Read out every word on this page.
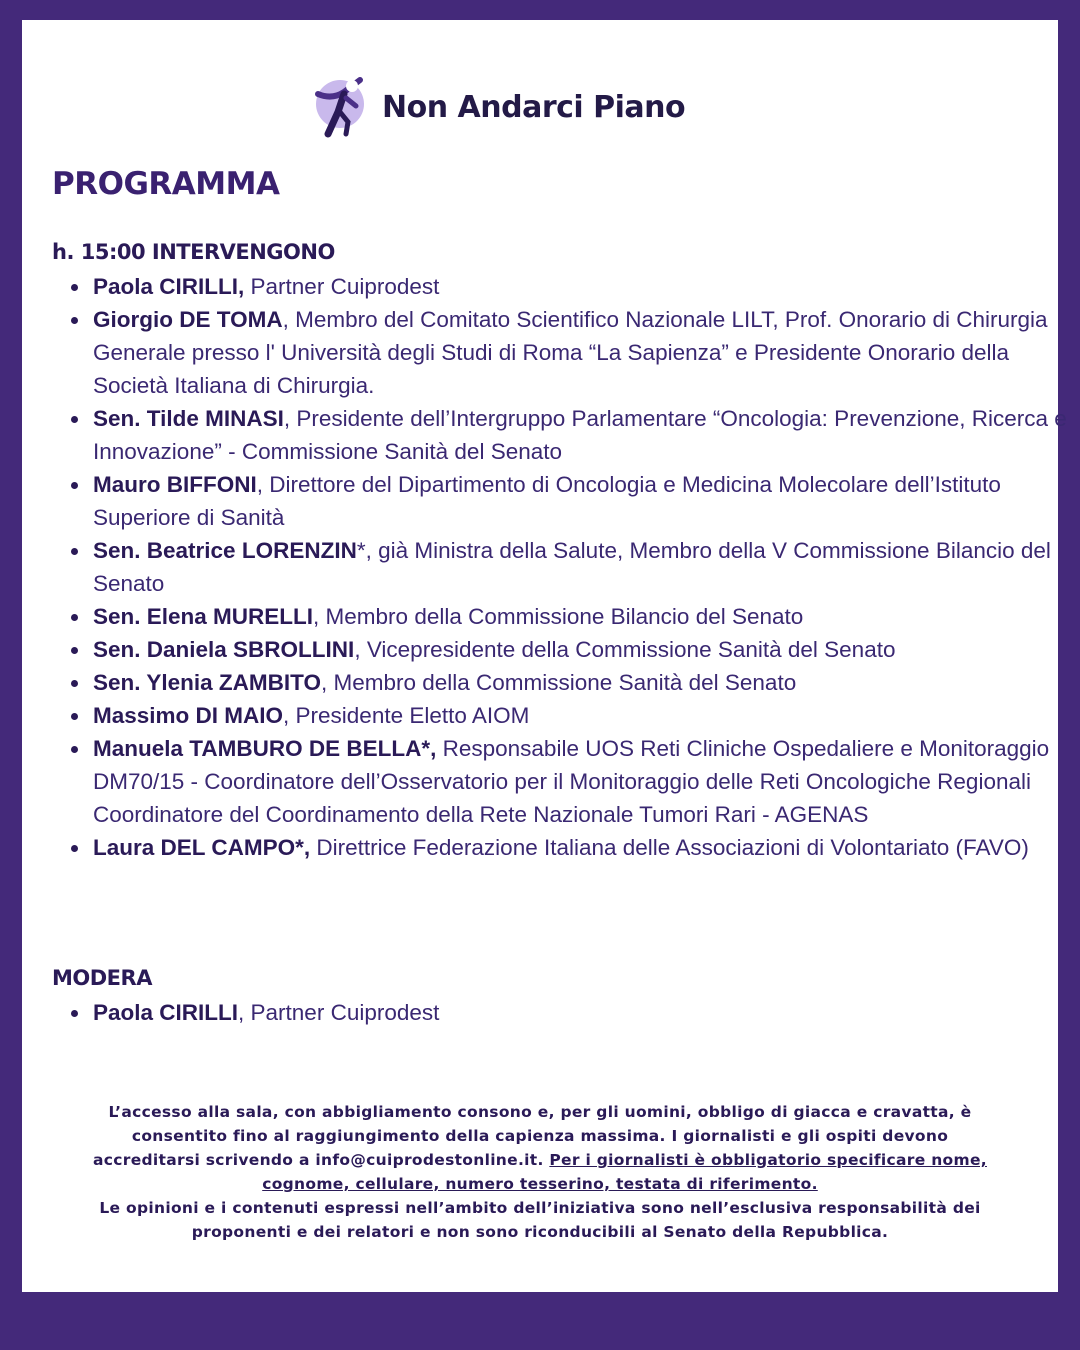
Non Andarci Piano
PROGRAMMA
h. 15:00 INTERVENGONO
Paola CIRILLI, Partner Cuiprodest
Giorgio DE TOMA, Membro del Comitato Scientifico Nazionale LILT, Prof. Onorario di Chirurgia Generale presso l' Università degli Studi di Roma “La Sapienza” e Presidente Onorario della Società Italiana di Chirurgia.
Sen. Tilde MINASI, Presidente dell’Intergruppo Parlamentare “Oncologia: Prevenzione, Ricerca e Innovazione” - Commissione Sanità del Senato
Mauro BIFFONI, Direttore del Dipartimento di Oncologia e Medicina Molecolare dell’Istituto Superiore di Sanità
Sen. Beatrice LORENZIN*, già Ministra della Salute, Membro della V Commissione Bilancio del Senato
Sen. Elena MURELLI, Membro della Commissione Bilancio del Senato
Sen. Daniela SBROLLINI, Vicepresidente della Commissione Sanità del Senato
Sen. Ylenia ZAMBITO, Membro della Commissione Sanità del Senato
Massimo DI MAIO, Presidente Eletto AIOM
Manuela TAMBURO DE BELLA*, Responsabile UOS Reti Cliniche Ospedaliere e Monitoraggio DM70/15 - Coordinatore dell’Osservatorio per il Monitoraggio delle Reti Oncologiche Regionali Coordinatore del Coordinamento della Rete Nazionale Tumori Rari - AGENAS
Laura DEL CAMPO*, Direttrice Federazione Italiana delle Associazioni di Volontariato (FAVO)
MODERA
Paola CIRILLI, Partner Cuiprodest
L’accesso alla sala, con abbigliamento consono e, per gli uomini, obbligo di giacca e cravatta, è consentito fino al raggiungimento della capienza massima. I giornalisti e gli ospiti devono accreditarsi scrivendo a info@cuiprodestonline.it. Per i giornalisti è obbligatorio specificare nome, cognome, cellulare, numero tesserino, testata di riferimento.
Le opinioni e i contenuti espressi nell’ambito dell’iniziativa sono nell’esclusiva responsabilità dei proponenti e dei relatori e non sono riconducibili al Senato della Repubblica.
